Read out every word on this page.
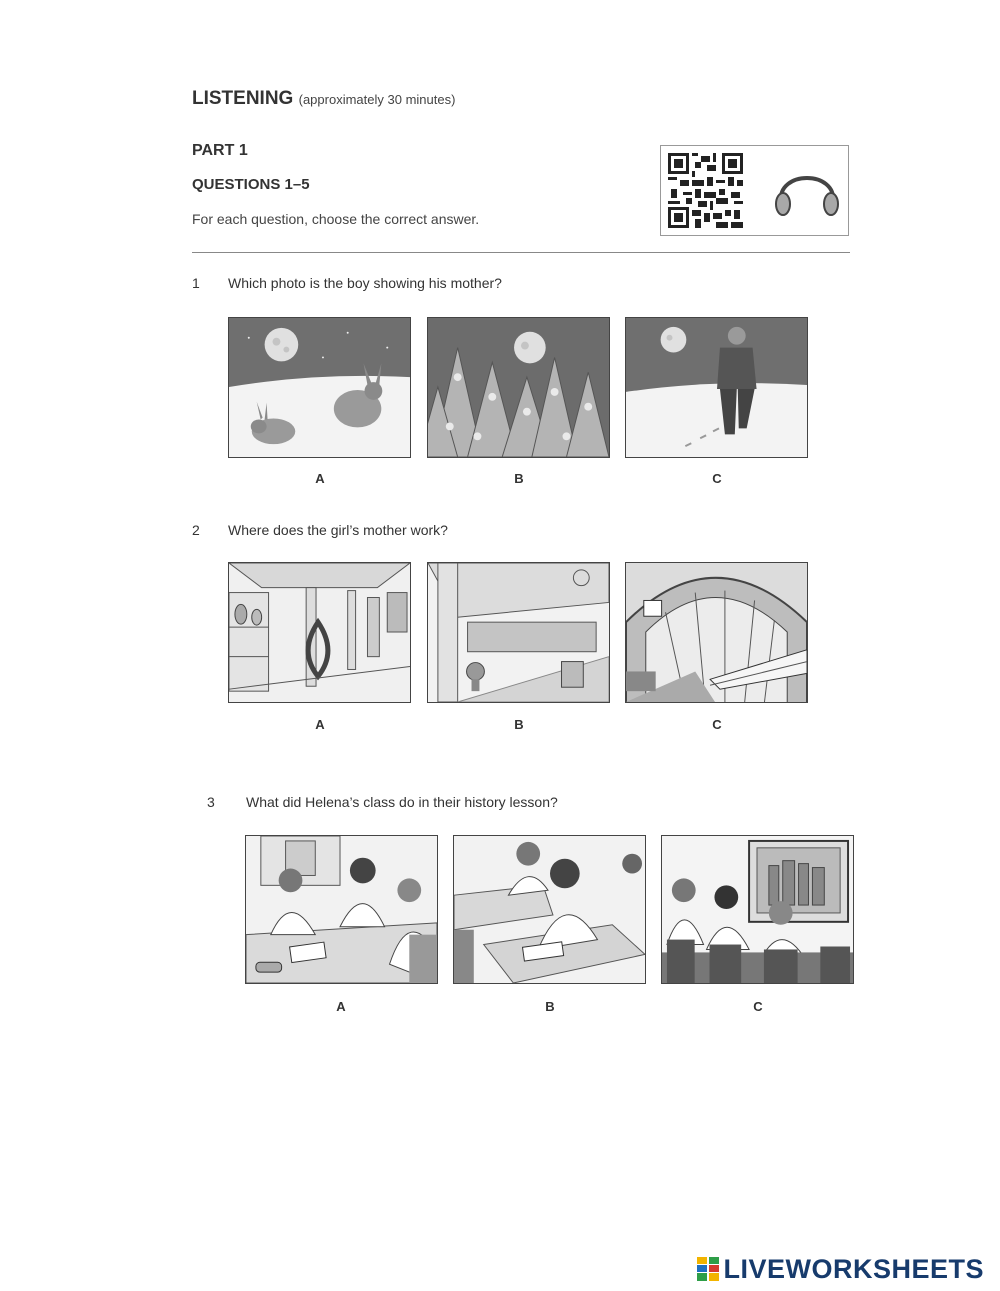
LISTENING (approximately 30 minutes)
PART 1
QUESTIONS 1–5
For each question, choose the correct answer.
1 Which photo is the boy showing his mother?
A	B	C
2 Where does the girl’s mother work?
A	B	C
3 What did Helena’s class do in their history lesson?
A	B	C
LIVEWORKSHEETS
